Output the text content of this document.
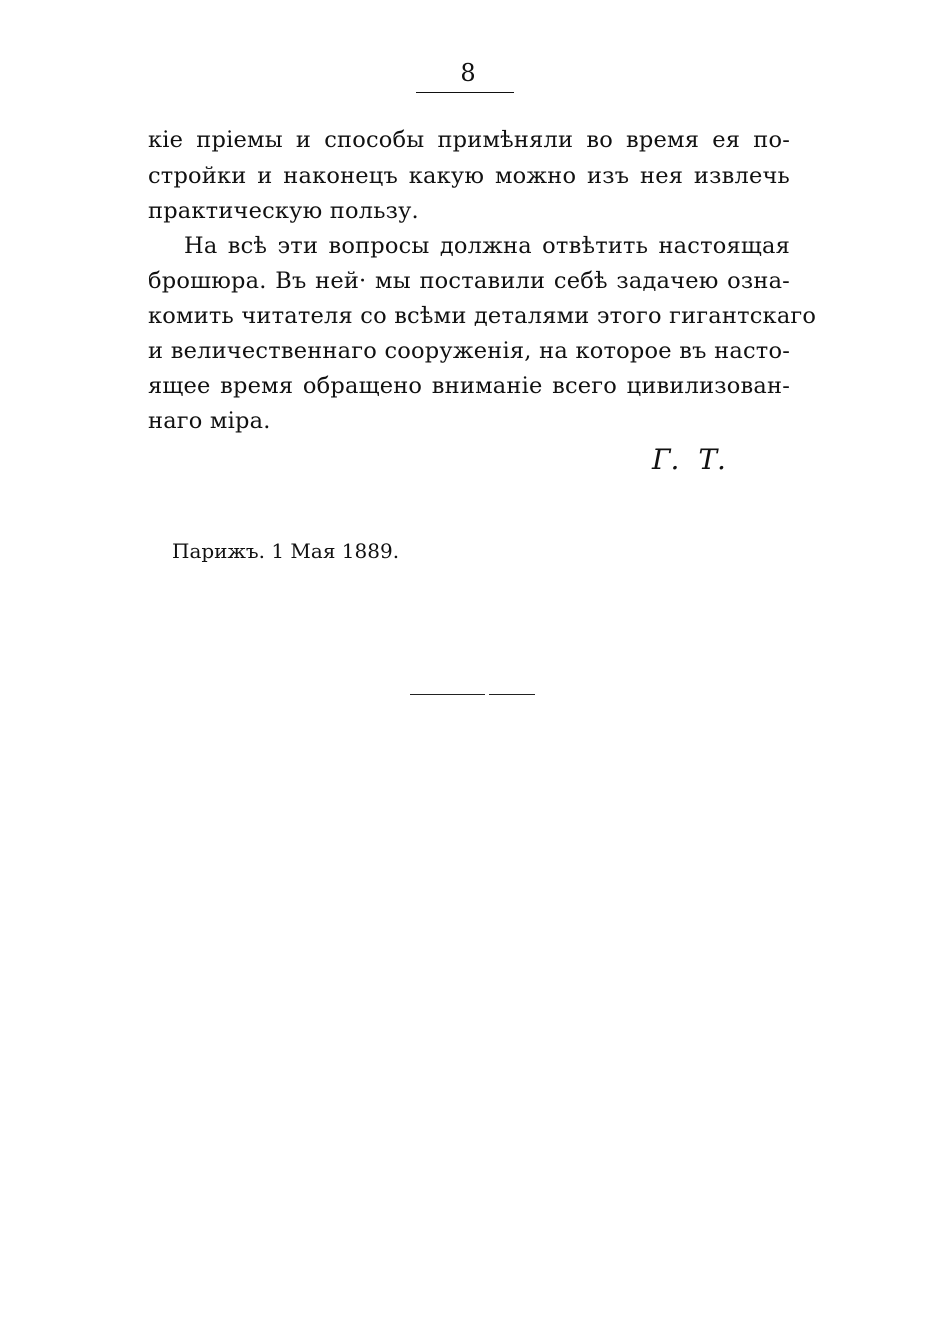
8
кіе пріемы и способы примѣняли во время ея по-
стройки и наконецъ какую можно изъ нея извлечь
практическую пользу.
На всѣ эти вопросы должна отвѣтить настоящая
брошюра. Въ ней· мы поставили себѣ задачею озна-
комить читателя со всѣми деталями этого гигантскаго
и величественнаго сооруженія, на которое въ насто-
ящее время обращено вниманіе всего цивилизован-
наго міра.
Г. Т.
Парижъ. 1 Мая 1889.
